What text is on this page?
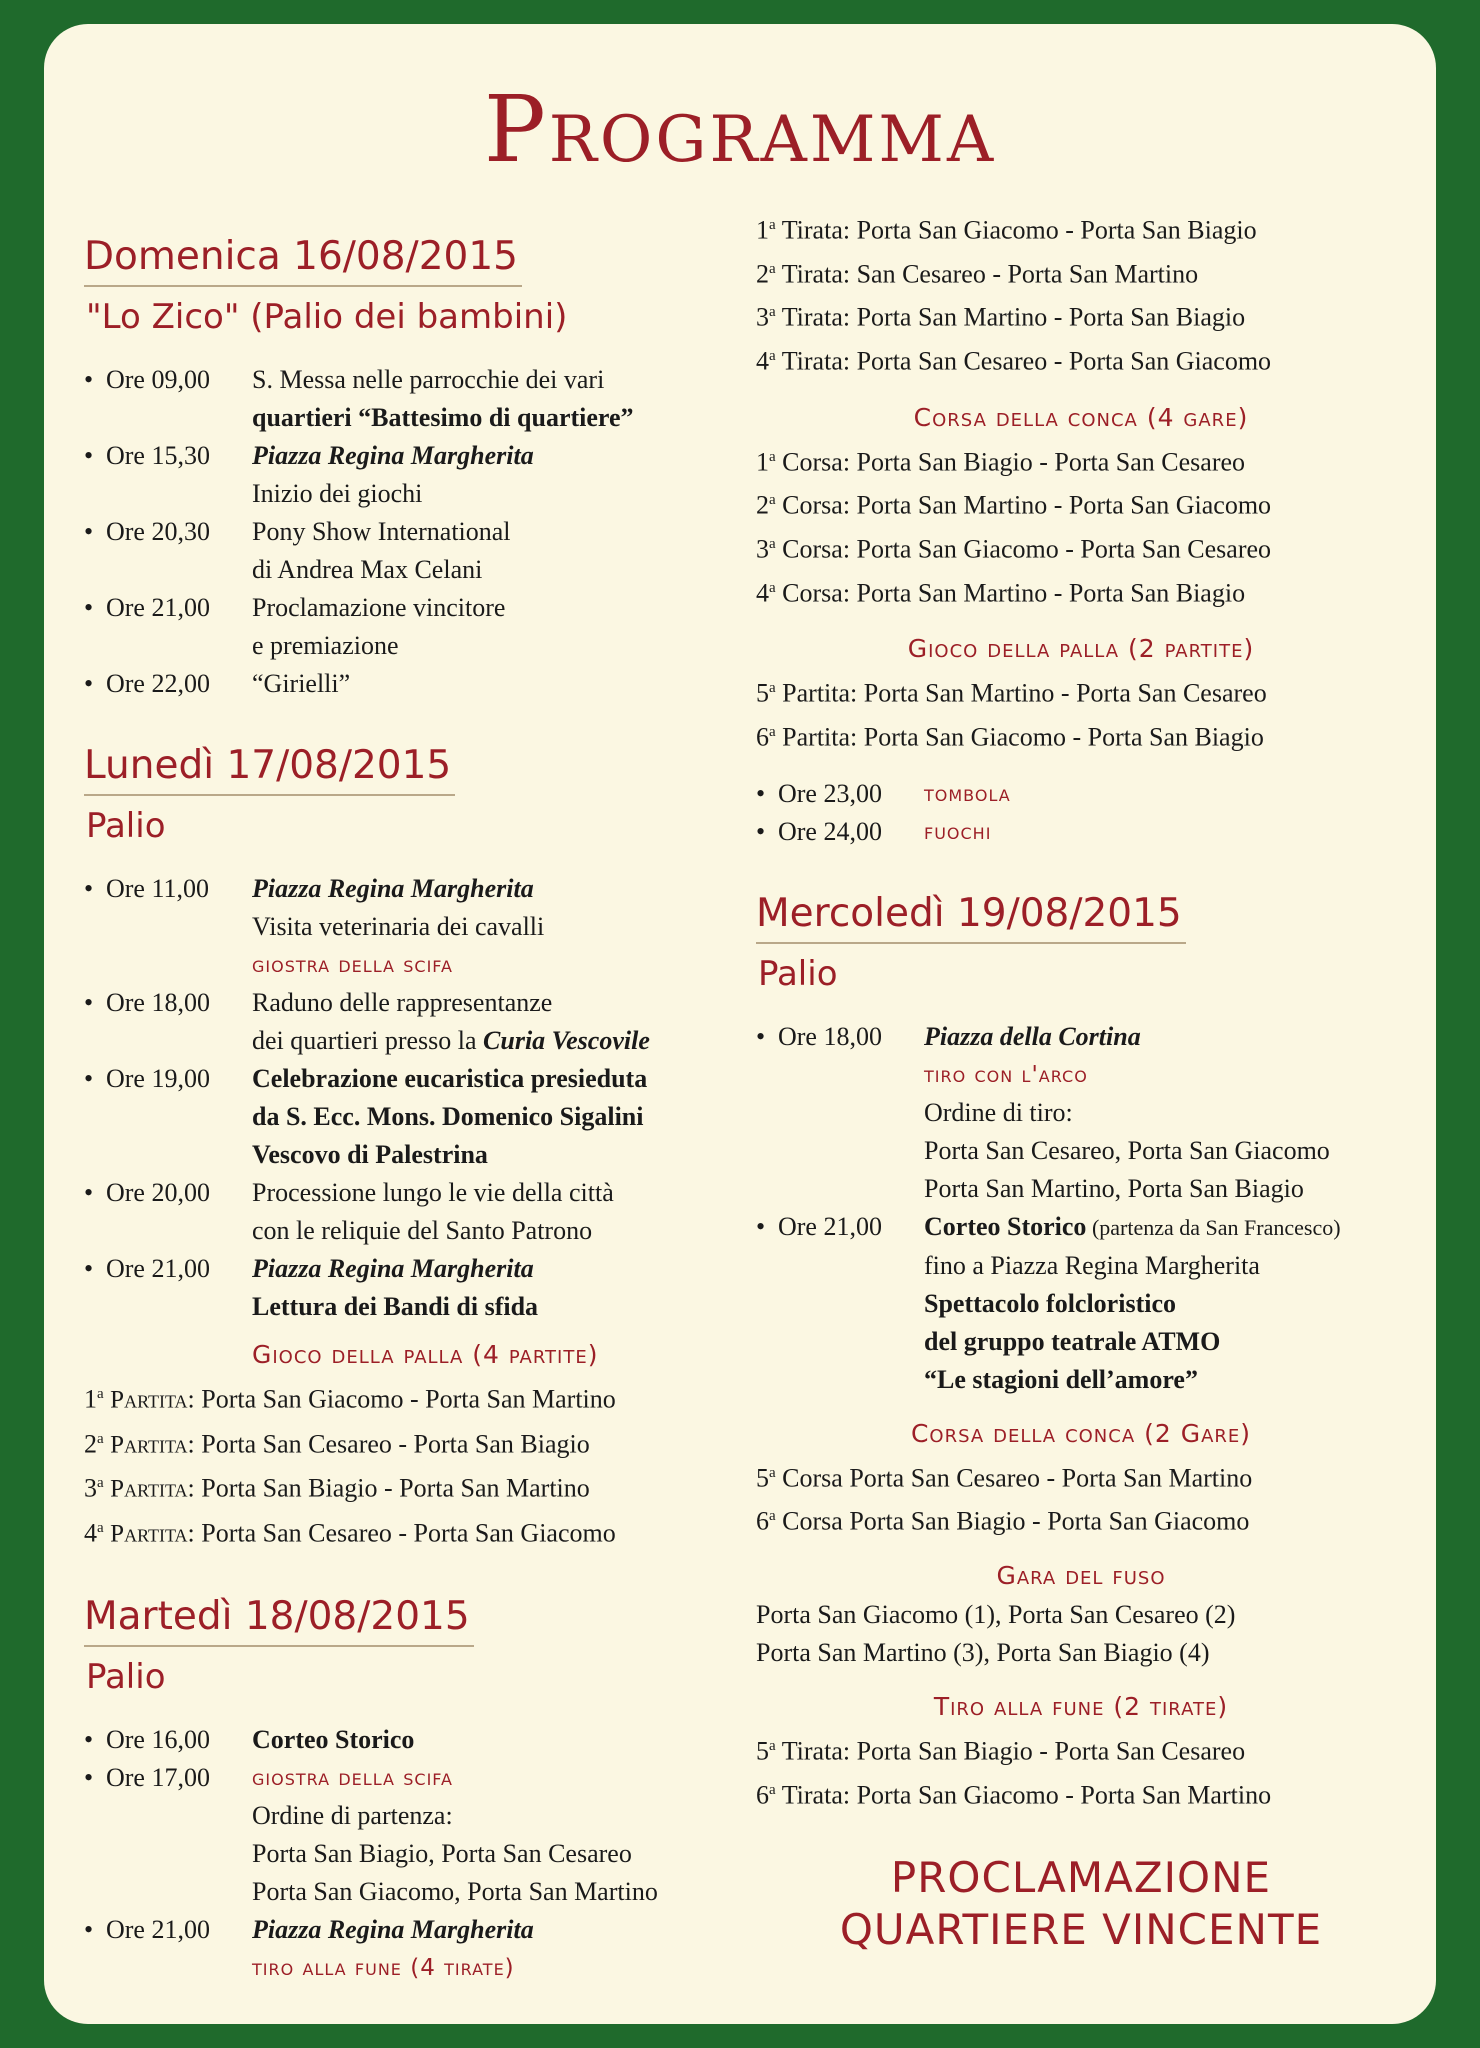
Programma
Domenica 16/08/2015
"Lo Zico" (Palio dei bambini)
• Ore 09,00	S. Messa nelle parrocchie dei vari
quartieri “Battesimo di quartiere”
• Ore 15,30	Piazza Regina Margherita
Inizio dei giochi
• Ore 20,30	Pony Show International
di Andrea Max Celani
• Ore 21,00	Proclamazione vincitore
e premiazione
• Ore 22,00	“Girielli”
Lunedì 17/08/2015
Palio
• Ore 11,00	Piazza Regina Margherita
Visita veterinaria dei cavalli
giostra della scifa
• Ore 18,00	Raduno delle rappresentanze
dei quartieri presso la Curia Vescovile
• Ore 19,00	Celebrazione eucaristica presieduta
da S. Ecc. Mons. Domenico Sigalini
Vescovo di Palestrina
• Ore 20,00	Processione lungo le vie della città
con le reliquie del Santo Patrono
• Ore 21,00	Piazza Regina Margherita
Lettura dei Bandi di sfida
Gioco della palla (4 partite)
1$^a$ Partita: Porta San Giacomo - Porta San Martino
2$^a$ Partita: Porta San Cesareo - Porta San Biagio
3$^a$ Partita: Porta San Biagio - Porta San Martino
4$^a$ Partita: Porta San Cesareo - Porta San Giacomo
Martedì 18/08/2015
Palio
• Ore 16,00	Corteo Storico
• Ore 17,00	giostra della scifa
Ordine di partenza:
Porta San Biagio, Porta San Cesareo
Porta San Giacomo, Porta San Martino
• Ore 21,00	Piazza Regina Margherita
tiro alla fune (4 tirate)
1$^a$ Tirata: Porta San Giacomo - Porta San Biagio
2$^a$ Tirata: San Cesareo - Porta San Martino
3$^a$ Tirata: Porta San Martino - Porta San Biagio
4$^a$ Tirata: Porta San Cesareo - Porta San Giacomo
Corsa della conca (4 gare)
1$^a$ Corsa: Porta San Biagio - Porta San Cesareo
2$^a$ Corsa: Porta San Martino - Porta San Giacomo
3$^a$ Corsa: Porta San Giacomo - Porta San Cesareo
4$^a$ Corsa: Porta San Martino - Porta San Biagio
Gioco della palla (2 partite)
5$^a$ Partita: Porta San Martino - Porta San Cesareo
6$^a$ Partita: Porta San Giacomo - Porta San Biagio
• Ore 23,00	tombola
• Ore 24,00	fuochi
Mercoledì 19/08/2015
Palio
• Ore 18,00	Piazza della Cortina
tiro con l'arco
Ordine di tiro:
Porta San Cesareo, Porta San Giacomo
Porta San Martino, Porta San Biagio
• Ore 21,00	Corteo Storico (partenza da San Francesco)
fino a Piazza Regina Margherita
Spettacolo folcloristico
del gruppo teatrale ATMO
“Le stagioni dell’amore”
Corsa della conca (2 Gare)
5$^a$ Corsa Porta San Cesareo - Porta San Martino
6$^a$ Corsa Porta San Biagio - Porta San Giacomo
Gara del fuso
Porta San Giacomo (1), Porta San Cesareo (2)
Porta San Martino (3), Porta San Biagio (4)
Tiro alla fune (2 tirate)
5$^a$ Tirata: Porta San Biagio - Porta San Cesareo
6$^a$ Tirata: Porta San Giacomo - Porta San Martino
PROCLAMAZIONE
QUARTIERE VINCENTE
